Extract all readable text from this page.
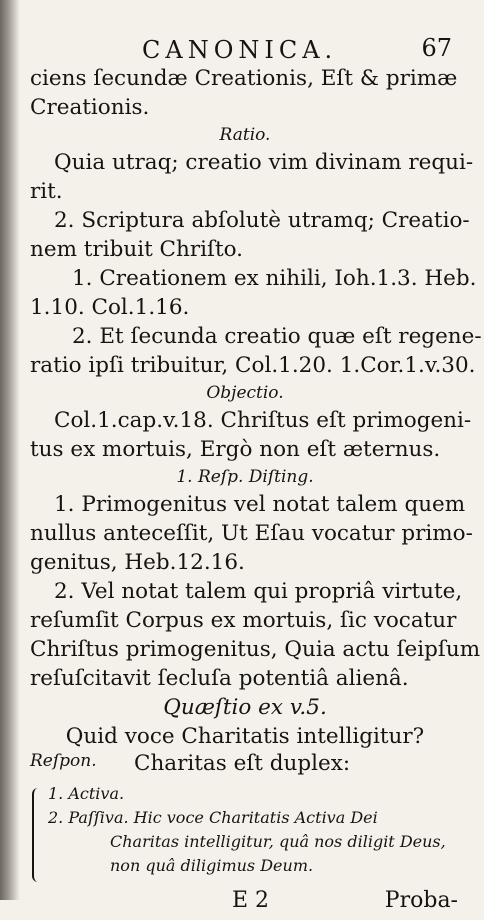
CANONICA.	67
ciens ſecundæ Creationis, Eſt & primæ
Creationis.
Ratio.
Quia utraq; creatio vim divinam requi-
rit.
2. Scriptura abſolutè utramq; Creatio-
nem tribuit Chriſto.
1. Creationem ex nihili, Ioh.1.3. Heb.
1.10. Col.1.16.
2. Et ſecunda creatio quæ eſt regene-
ratio ipſi tribuitur, Col.1.20. 1.Cor.1.v.30.
Objectio.
Col.1.cap.v.18. Chriſtus eſt primogeni-
tus ex mortuis, Ergò non eſt æternus.
1. Reſp. Diſting.
1. Primogenitus vel notat talem quem
nullus anteceſſit, Ut Eſau vocatur primo-
genitus, Heb.12.16.
2. Vel notat talem qui propriâ virtute,
reſumſit Corpus ex mortuis, ſic vocatur
Chriſtus primogenitus, Quia actu ſeipſum
reſuſcitavit ſecluſa potentiâ alienâ.
Quæſtio ex v.5.
Quid voce Charitatis intelligitur?
Reſpon. Charitas eſt duplex:
1. Activa.
2. Paſſiva. Hic voce Charitatis Activa Dei
Charitas intelligitur, quâ nos diligit Deus,
non quâ diligimus Deum.
E 2	Proba-
